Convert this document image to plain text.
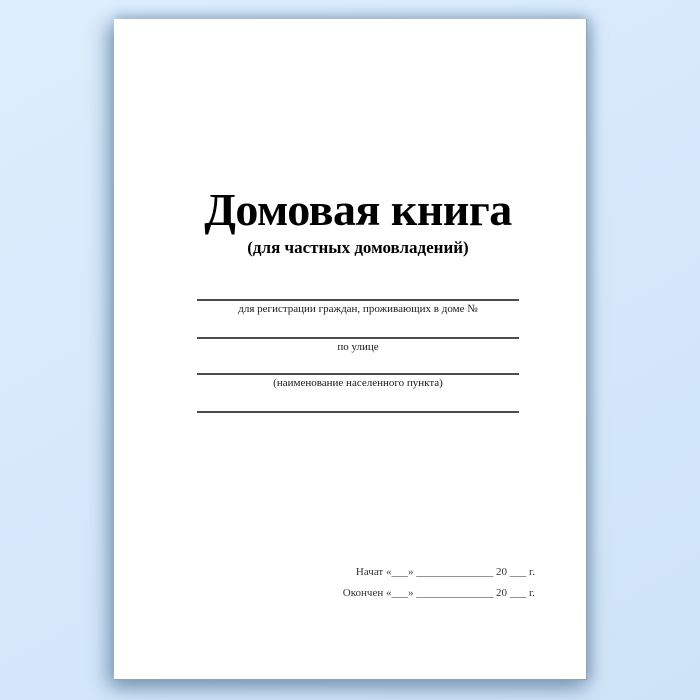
Домовая книга
(для частных домовладений)
для регистрации граждан, проживающих в доме №
по улице
(наименование населенного пункта)
Начат «___» ______________ 20 ___ г.
Окончен «___» ______________ 20 ___ г.
